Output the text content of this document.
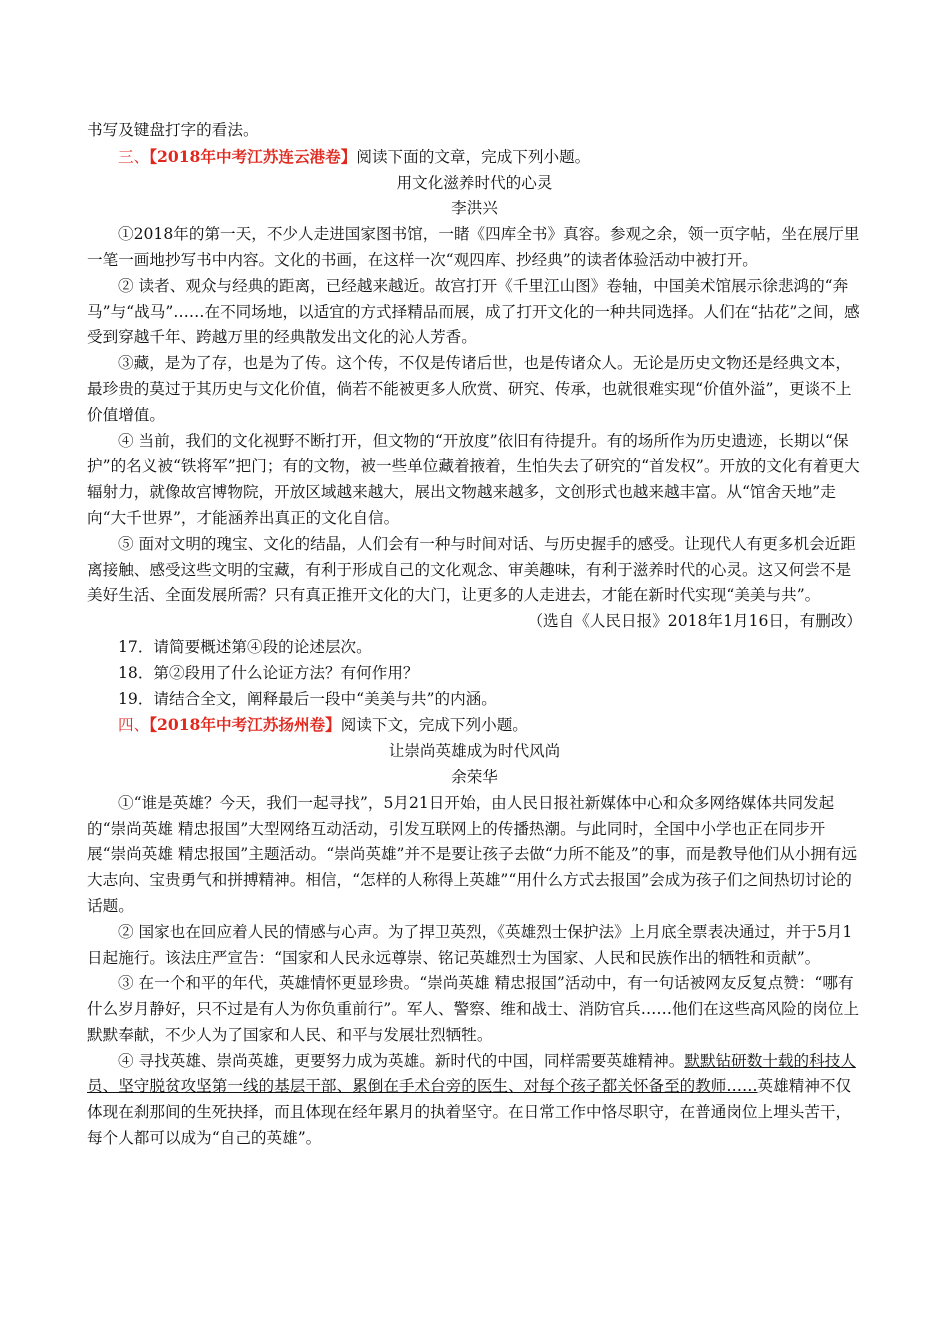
书写及键盘打字的看法。

三、【2018年中考江苏连云港卷】阅读下面的文章，完成下列小题。

用文化滋养时代的心灵

李洪兴

①2018年的第一天，不少人走进国家图书馆，一睹《四库全书》真容。参观之余，领一页字帖，坐在展厅里一笔一画地抄写书中内容。文化的书画，在这样一次“观四库、抄经典”的读者体验活动中被打开。

② 读者、观众与经典的距离，已经越来越近。故宫打开《千里江山图》卷轴，中国美术馆展示徐悲鸿的“奔马”与“战马”……在不同场地，以适宜的方式择精品而展，成了打开文化的一种共同选择。人们在“拈花”之间，感受到穿越千年、跨越万里的经典散发出文化的沁人芳香。

③藏，是为了存，也是为了传。这个传，不仅是传诸后世，也是传诸众人。无论是历史文物还是经典文本，最珍贵的莫过于其历史与文化价值，倘若不能被更多人欣赏、研究、传承，也就很难实现“价值外溢”，更谈不上价值增值。

④ 当前，我们的文化视野不断打开，但文物的“开放度”依旧有待提升。有的场所作为历史遗迹，长期以“保护”的名义被“铁将军”把门；有的文物，被一些单位藏着掖着，生怕失去了研究的“首发权”。开放的文化有着更大辐射力，就像故宫博物院，开放区域越来越大，展出文物越来越多，文创形式也越来越丰富。从“馆舍天地”走向“大千世界”，才能涵养出真正的文化自信。

⑤ 面对文明的瑰宝、文化的结晶，人们会有一种与时间对话、与历史握手的感受。让现代人有更多机会近距离接触、感受这些文明的宝藏，有利于形成自己的文化观念、审美趣味，有利于滋养时代的心灵。这又何尝不是美好生活、全面发展所需？只有真正推开文化的大门，让更多的人走进去，才能在新时代实现“美美与共”。

（选自《人民日报》2018年1月16日，有删改）

17．请简要概述第④段的论述层次。

18．第②段用了什么论证方法？有何作用？

19．请结合全文，阐释最后一段中“美美与共”的内涵。

四、【2018年中考江苏扬州卷】阅读下文，完成下列小题。

让崇尚英雄成为时代风尚

余荣华

①“谁是英雄？今天，我们一起寻找”，5月21日开始，由人民日报社新媒体中心和众多网络媒体共同发起的“崇尚英雄 精忠报国”大型网络互动活动，引发互联网上的传播热潮。与此同时，全国中小学也正在同步开展“崇尚英雄 精忠报国”主题活动。“崇尚英雄”并不是要让孩子去做“力所不能及”的事，而是教导他们从小拥有远大志向、宝贵勇气和拼搏精神。相信，“怎样的人称得上英雄”“用什么方式去报国”会成为孩子们之间热切讨论的话题。

② 国家也在回应着人民的情感与心声。为了捍卫英烈，《英雄烈士保护法》上月底全票表决通过，并于5月1日起施行。该法庄严宣告：“国家和人民永远尊崇、铭记英雄烈士为国家、人民和民族作出的牺牲和贡献”。

③ 在一个和平的年代，英雄情怀更显珍贵。“崇尚英雄 精忠报国”活动中，有一句话被网友反复点赞：“哪有什么岁月静好，只不过是有人为你负重前行”。军人、警察、维和战士、消防官兵……他们在这些高风险的岗位上默默奉献，不少人为了国家和人民、和平与发展壮烈牺牲。

④ 寻找英雄、崇尚英雄，更要努力成为英雄。新时代的中国，同样需要英雄精神。默默钻研数十载的科技人员、坚守脱贫攻坚第一线的基层干部、累倒在手术台旁的医生、对每个孩子都关怀备至的教师……英雄精神不仅体现在刹那间的生死抉择，而且体现在经年累月的执着坚守。在日常工作中恪尽职守，在普通岗位上埋头苦干，每个人都可以成为“自己的英雄”。
